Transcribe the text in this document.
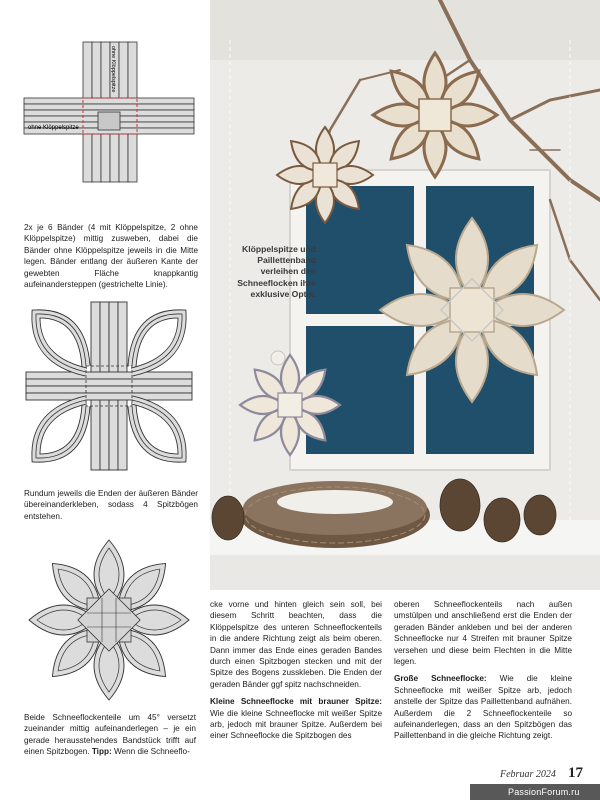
ohne Klöppelspitze
ohne Klöppelspitze
2x je 6 Bänder (4 mit Klöppelspitze, 2 ohne Klöppelspitze) mittig zusweben, dabei die Bänder ohne Klöppelspitze jeweils in die Mitte legen. Bänder entlang der äußeren Kante der gewebten Fläche knappkantig aufeinandersteppen (gestrichelte Linie).
Rundum jeweils die Enden der äußeren Bänder übereinanderkleben, sodass 4 Spitzbögen entstehen.
Beide Schneeflockenteile um 45° versetzt zueinander mittig aufeinanderlegen – je ein gerade herausstehendes Bandstück trifft auf einen Spitzbogen. Tipp: Wenn die Schneeflo-
cke vorne und hinten gleich sein soll, bei diesem Schritt beachten, dass die Klöppelspitze des unteren Schneeflockenteils in die andere Richtung zeigt als beim oberen. Dann immer das Ende eines geraden Bandes durch einen Spitzbogen stecken und mit der Spitze des Bogens zusskleben. Die Enden der geraden Bänder ggf spitz nachschneiden.
Kleine Schneeflocke mit brauner Spitze: Wie die kleine Schneeflocke mit weißer Spitze arb, jedoch mit brauner Spitze. Außerdem bei einer Schneeflocke die Spitzbogen des
oberen Schneeflockenteils nach außen umstülpen und anschließend erst die Enden der geraden Bänder ankleben und bei der anderen Schneeflocke nur 4 Streifen mit brauner Spitze versehen und diese beim Flechten in die Mitte legen.
Große Schneeflocke: Wie die kleine Schneeflocke mit weißer Spitze arb, jedoch anstelle der Spitze das Paillettenband aufnähen. Außerdem die 2 Schneeflockenteile so aufeinanderlegen, dass an den Spitzbögen das Paillettenband in die gleiche Richtung zeigt.
Klöppelspitze und Paillettenband verleihen den Schneeflocken ihre exklusive Optik.
Februar 2024 17
PassionForum.ru
